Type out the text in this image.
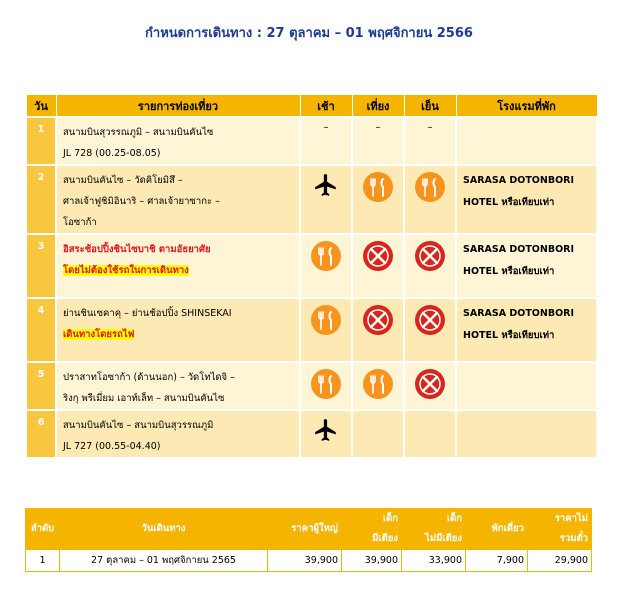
กำหนดการเดินทาง : 27 ตุลาคม – 01 พฤศจิกายน 2566
วัน	รายการท่องเที่ยว	เช้า	เที่ยง	เย็น	โรงแรมที่พัก

1	สนามบินสุวรรณภูมิ – สนามบินคันไซ
JL 728 (00.25-08.05)	–	–	–	

2	สนามบินคันไซ – วัดคิโยมิสึ –
ศาลเจ้าฟูชิมิอินาริ – ศาลเจ้ายาซากะ –
โอซาก้า				SARASA DOTONBORI
HOTEL หรือเทียบเท่า

3	อิสระช้อปปิ้งชินไซบาชิ ตามอัธยาศัย
โดยไม่ต้องใช้รถในการเดินทาง				SARASA DOTONBORI
HOTEL หรือเทียบเท่า

4	ย่านชินเซคาคุ – ย่านช้อปปิ้ง SHINSEKAI
เดินทางโดยรถไฟ				SARASA DOTONBORI
HOTEL หรือเทียบเท่า

5	ปราสาทโอซาก้า (ด้านนอก) – วัดโทไดจิ –
ริงกุ พรีเมี่ยม เอาท์เล็ท – สนามบินคันไซ

6	สนามบินคันไซ – สนามบินสุวรรณภูมิ
JL 727 (00.55-04.40)

ลำดับ	วันเดินทาง	ราคาผู้ใหญ่	เด็ก
มีเตียง	เด็ก
ไม่มีเตียง	พักเดี่ยว	ราคาไม่
รวมตั๋ว

1	27 ตุลาคม – 01 พฤศจิกายน 2565	39,900	39,900	33,900	7,900	29,900
